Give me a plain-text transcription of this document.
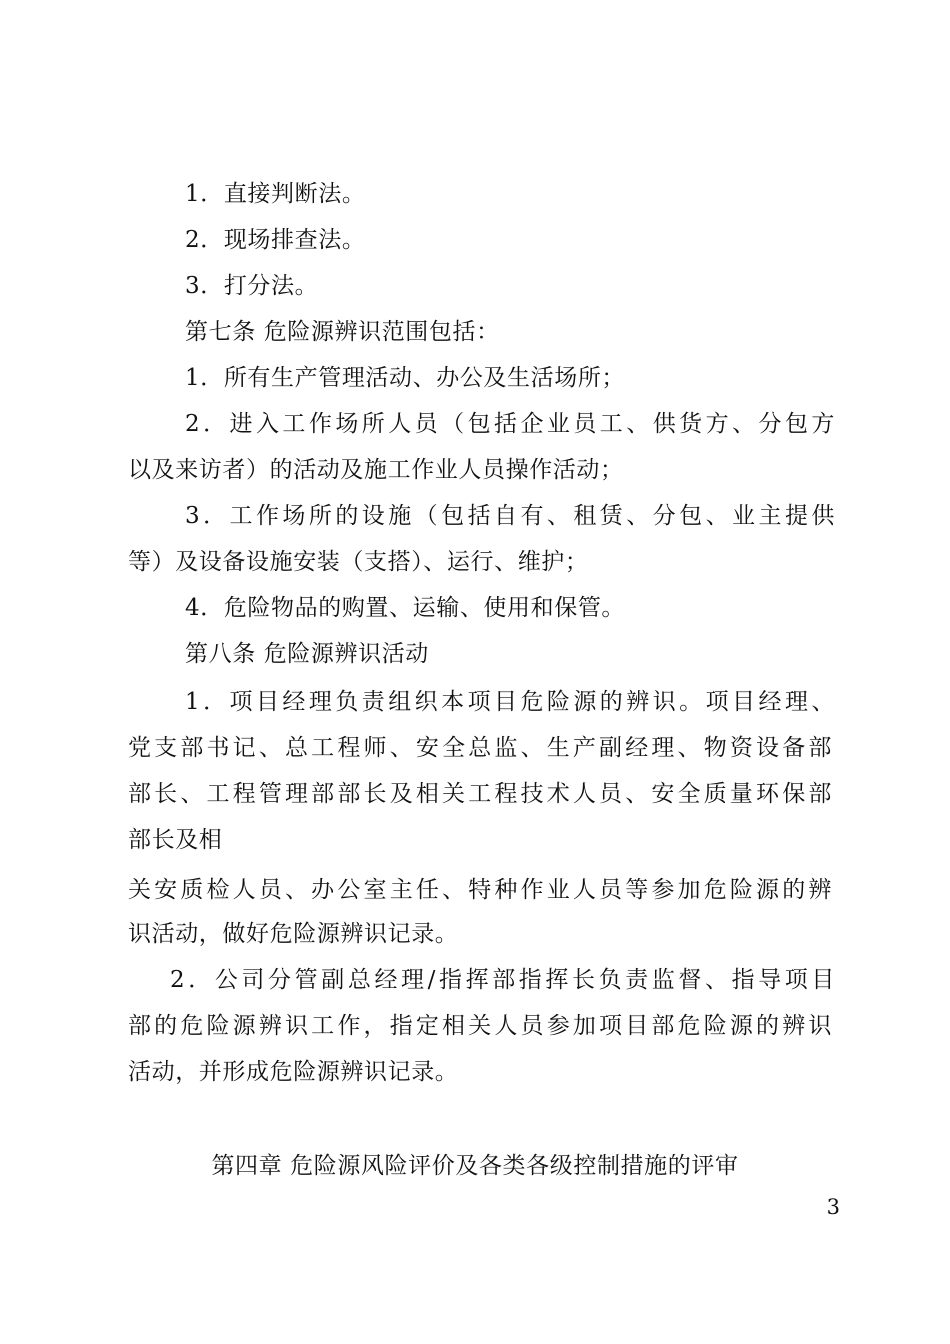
1．直接判断法。
2．现场排查法。
3．打分法。
第七条 危险源辨识范围包括：
1．所有生产管理活动、办公及生活场所；
2．进入工作场所人员（包括企业员工、供货方、分包方
以及来访者）的活动及施工作业人员操作活动；
3．工作场所的设施（包括自有、租赁、分包、业主提供
等）及设备设施安装（支搭）、运行、维护；
4．危险物品的购置、运输、使用和保管。
第八条 危险源辨识活动
1．项目经理负责组织本项目危险源的辨识。项目经理、
党支部书记、总工程师、安全总监、生产副经理、物资设备部
部长、工程管理部部长及相关工程技术人员、安全质量环保部
部长及相
关安质检人员、办公室主任、特种作业人员等参加危险源的辨
识活动，做好危险源辨识记录。
2．公司分管副总经理/指挥部指挥长负责监督、指导项目
部的危险源辨识工作，指定相关人员参加项目部危险源的辨识
活动，并形成危险源辨识记录。
第四章 危险源风险评价及各类各级控制措施的评审
3
